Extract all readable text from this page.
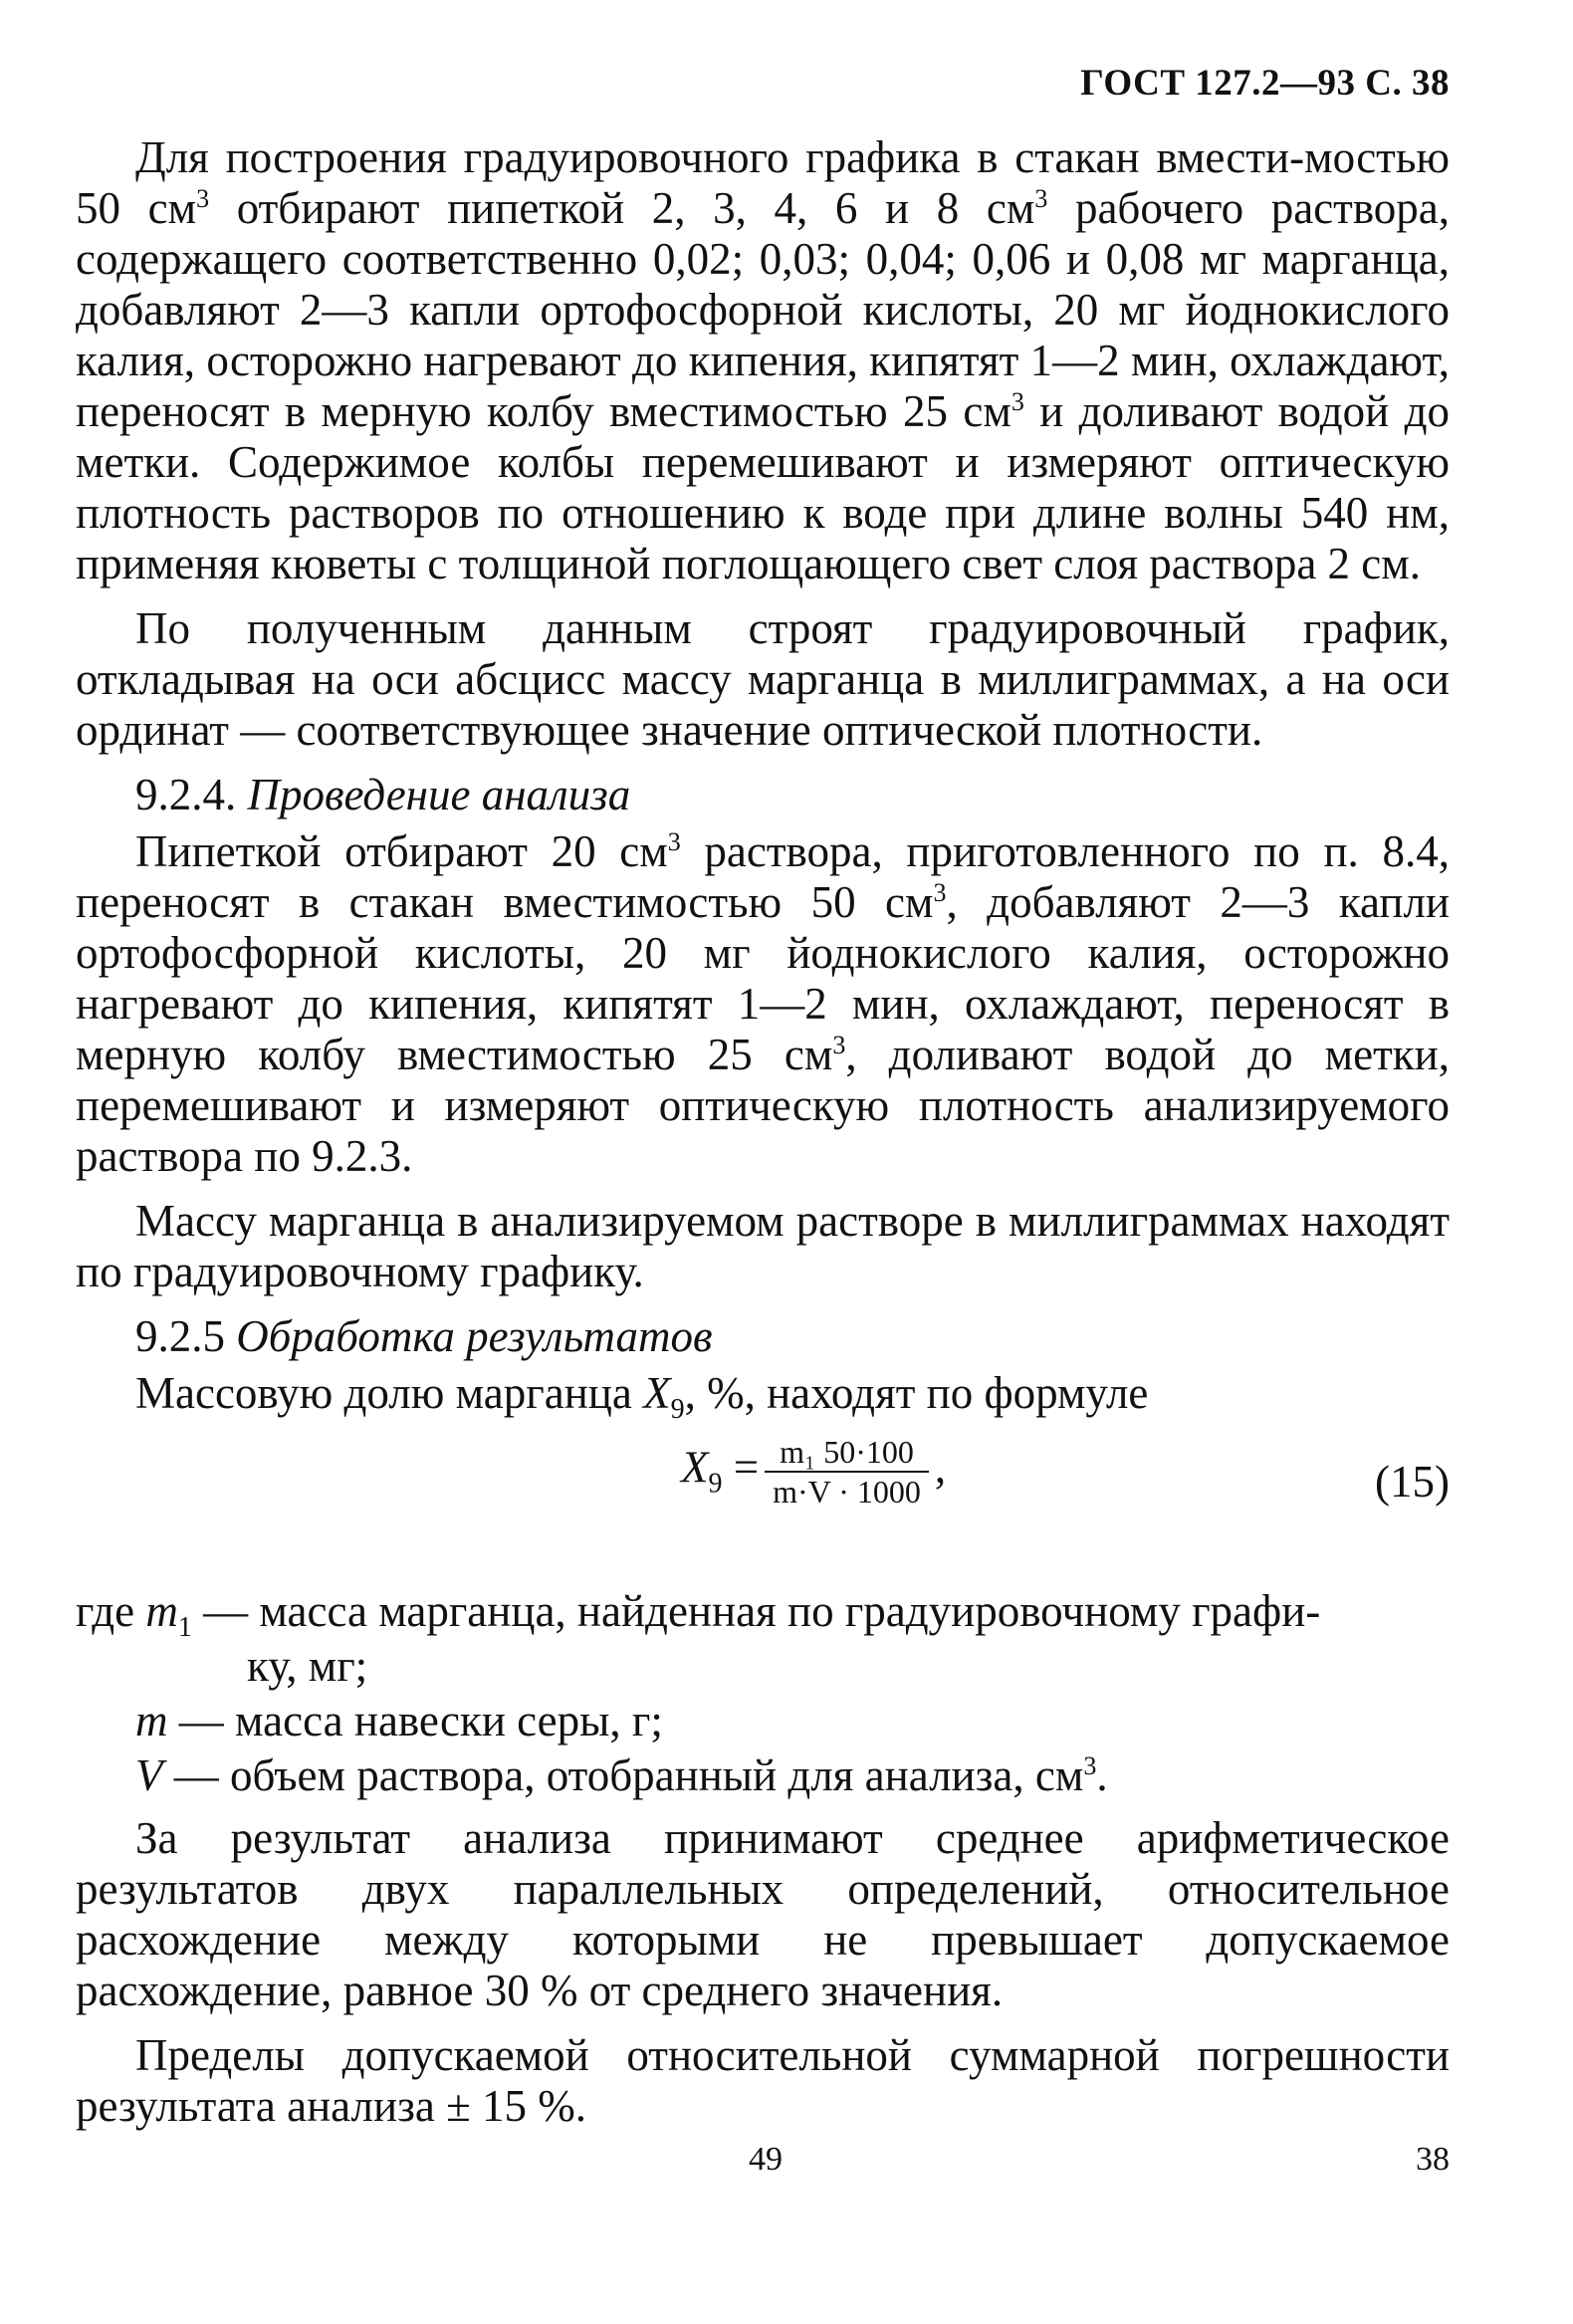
ГОСТ 127.2—93 С. 38

Для построения градуировочного графика в стакан вмести-мостью 50 $см^3$ отбирают пипеткой 2, 3, 4, 6 и 8 $см^3$ рабочего раствора, содержащего соответственно 0,02; 0,03; 0,04; 0,06 и 0,08 мг марганца, добавляют 2—3 капли ортофосфорной кислоты, 20 мг йоднокислого калия, осторожно нагревают до кипения, кипятят 1—2 мин, охлаждают, переносят в мерную колбу вместимостью 25 $см^3$ и доливают водой до метки. Содержимое колбы перемешивают и измеряют оптическую плотность растворов по отношению к воде при длине волны 540 нм, применяя кюветы с толщиной поглощающего свет слоя раствора 2 см.

По полученным данным строят градуировочный график, откладывая на оси абсцисс массу марганца в миллиграммах, а на оси ординат — соответствующее значение оптической плотности.

9.2.4. Проведение анализа

Пипеткой отбирают 20 $см^3$ раствора, приготовленного по п. 8.4, переносят в стакан вместимостью 50 $см^3$, добавляют 2—3 капли ортофосфорной кислоты, 20 мг йоднокислого калия, осторожно нагревают до кипения, кипятят 1—2 мин, охлаждают, переносят в мерную колбу вместимостью 25 $см^3$, доливают водой до метки, перемешивают и измеряют оптическую плотность анализируемого раствора по 9.2.3.

Массу марганца в анализируемом растворе в миллиграммах находят по градуировочному графику.

9.2.5 Обработка результатов

Массовую долю марганца $X_9$, %, находят по формуле

$X_9 = \frac{\text{m₁ 50·100}}{m\cdot V \cdot 1000}$ ,	(15)
где $m_1$ — масса марганца, найденная по градуировочному графи-
ку, мг;
m — масса навески серы, г;
V — объем раствора, отобранный для анализа, $см^3$.

За результат анализа принимают среднее арифметическое результатов двух параллельных определений, относительное расхождение между которыми не превышает допускаемое расхождение, равное 30 % от среднего значения.

Пределы допускаемой относительной суммарной погрешности результата анализа ± 15 %.

49	38
